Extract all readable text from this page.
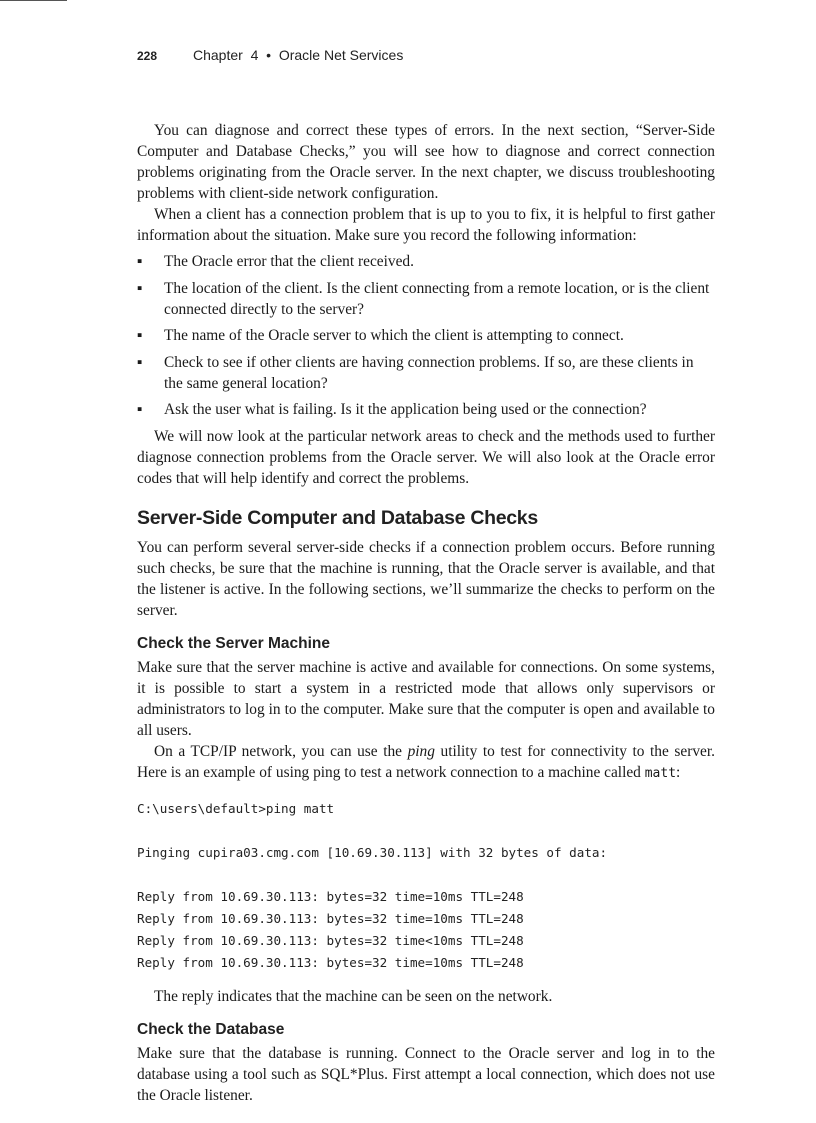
228	Chapter  4  •  Oracle Net Services

You can diagnose and correct these types of errors. In the next section, “Server-Side Computer and Database Checks,” you will see how to diagnose and correct connection problems originating from the Oracle server. In the next chapter, we discuss troubleshooting problems with client-side network configuration.

When a client has a connection problem that is up to you to fix, it is helpful to first gather information about the situation. Make sure you record the following information:

▪ The Oracle error that the client received.
▪ The location of the client. Is the client connecting from a remote location, or is the client connected directly to the server?
▪ The name of the Oracle server to which the client is attempting to connect.
▪ Check to see if other clients are having connection problems. If so, are these clients in the same general location?
▪ Ask the user what is failing. Is it the application being used or the connection?

We will now look at the particular network areas to check and the methods used to further diagnose connection problems from the Oracle server. We will also look at the Oracle error codes that will help identify and correct the problems.

Server-Side Computer and Database Checks

You can perform several server-side checks if a connection problem occurs. Before running such checks, be sure that the machine is running, that the Oracle server is available, and that the listener is active. In the following sections, we’ll summarize the checks to perform on the server.

Check the Server Machine

Make sure that the server machine is active and available for connections. On some systems, it is possible to start a system in a restricted mode that allows only supervisors or administrators to log in to the computer. Make sure that the computer is open and available to all users.

On a TCP/IP network, you can use the ping utility to test for connectivity to the server. Here is an example of using ping to test a network connection to a machine called matt:

C:\users\default>ping matt
Pinging cupira03.cmg.com [10.69.30.113] with 32 bytes of data:
Reply from 10.69.30.113: bytes=32 time=10ms TTL=248
Reply from 10.69.30.113: bytes=32 time=10ms TTL=248
Reply from 10.69.30.113: bytes=32 time<10ms TTL=248
Reply from 10.69.30.113: bytes=32 time=10ms TTL=248

The reply indicates that the machine can be seen on the network.

Check the Database

Make sure that the database is running. Connect to the Oracle server and log in to the database using a tool such as SQL*Plus. First attempt a local connection, which does not use the Oracle listener.
